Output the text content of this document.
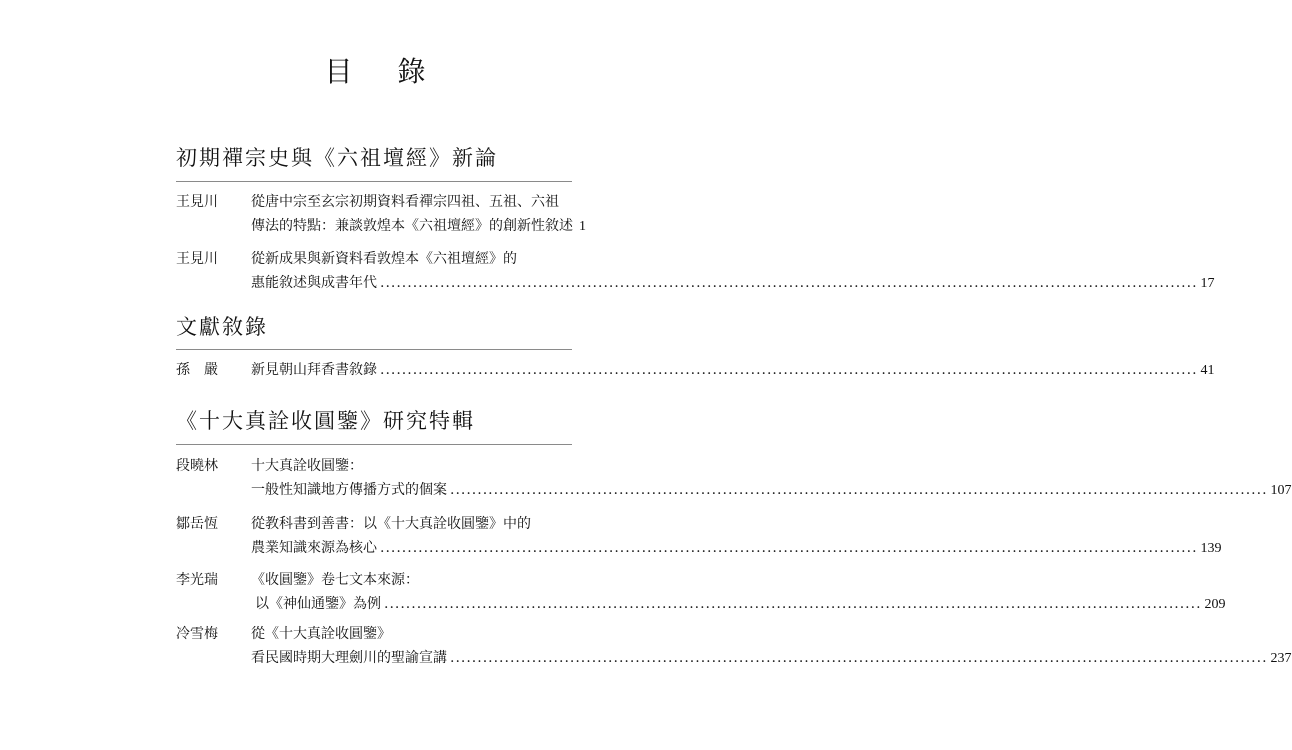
目 錄
初期禪宗史與《六祖壇經》新論
王見川	從唐中宗至玄宗初期資料看禪宗四祖、五祖、六祖
傳法的特點：兼談敦煌本《六祖壇經》的創新性敘述 1
王見川	從新成果與新資料看敦煌本《六祖壇經》的
惠能敘述與成書年代 .....	17
文獻敘錄
孫　嚴	新見朝山拜香書敘錄 .....	41
《十大真詮收圓鑒》研究特輯
段曉林	十大真詮收圓鑒：
一般性知識地方傳播方式的個案 .....	107
鄒岳恆	從教科書到善書：以《十大真詮收圓鑒》中的
農業知識來源為核心 .....	139
李光瑞	《收圓鑒》卷七文本來源：
以《神仙通鑒》為例 .....	209
冷雪梅	從《十大真詮收圓鑒》
看民國時期大理劍川的聖諭宣講 .....	237
